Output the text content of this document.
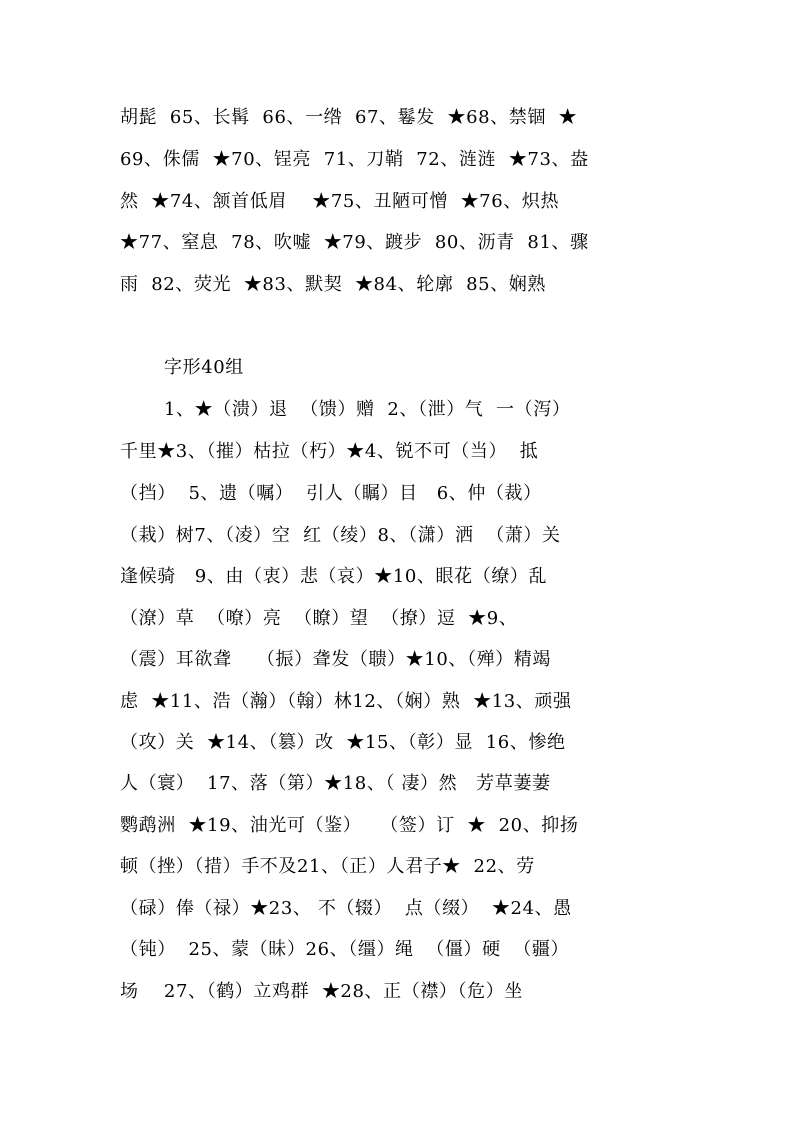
胡髭  65、长髯  66、一绺  67、鬈发  ★68、禁锢  ★
69、侏儒  ★70、锃亮  71、刀鞘  72、涟涟  ★73、盎
然  ★74、颔首低眉    ★75、丑陋可憎  ★76、炽热
★77、窒息  78、吹嘘  ★79、踱步  80、沥青  81、骤
雨  82、荧光  ★83、默契  ★84、轮廓  85、娴熟
字形40组
1、★（溃）退  （馈）赠  2、（泄）气  一（泻）
千里★3、（摧）枯拉（朽）★4、锐不可（当）  抵
（挡）  5、遗（嘱）  引人（瞩）目   6、仲（裁）
（栽）树7、（凌）空  红（绫）8、（潇）洒  （萧）关
逢候骑   9、由（衷）悲（哀）★10、眼花（缭）乱
（潦）草  （嘹）亮  （瞭）望  （撩）逗  ★9、
（震）耳欲聋    （振）聋发（聩）★10、（殚）精竭
虑  ★11、浩（瀚）（翰）林12、（娴）熟  ★13、顽强
（攻）关  ★14、（篡）改  ★15、（彰）显  16、惨绝
人（寰）  17、落（第）★18、（ 凄）然   芳草萋萋
鹦鹉洲  ★19、油光可（鉴）   （签）订  ★  20、抑扬
顿（挫）（措）手不及21、（正）人君子★  22、劳
（碌）俸（禄）★23、 不（辍）  点（缀）  ★24、愚
（钝）  25、蒙（昧）26、（缰）绳  （僵）硬  （疆）
场    27、（鹤）立鸡群  ★28、正（襟）（危）坐
